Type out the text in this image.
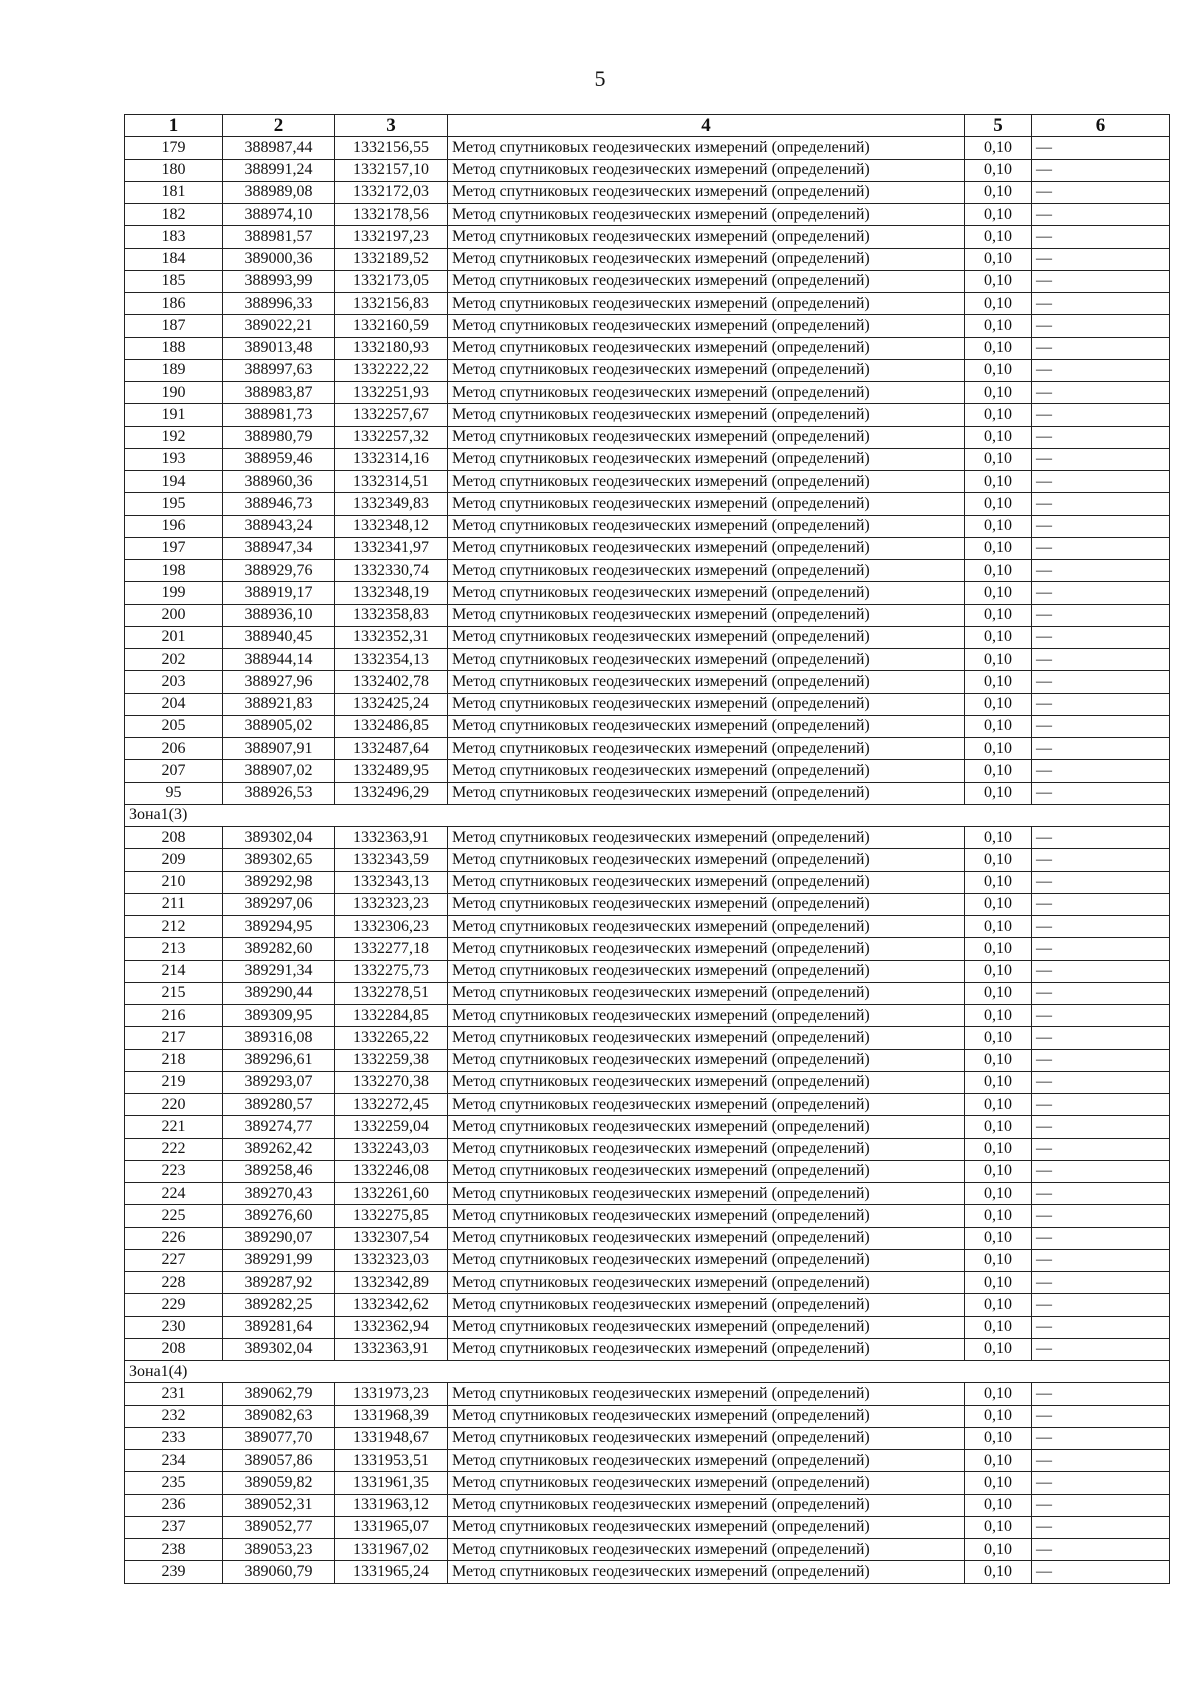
5
1	2	3	4	5	6
179	388987,44	1332156,55	Метод спутниковых геодезических измерений (определений)	0,10	—
180	388991,24	1332157,10	Метод спутниковых геодезических измерений (определений)	0,10	—
181	388989,08	1332172,03	Метод спутниковых геодезических измерений (определений)	0,10	—
182	388974,10	1332178,56	Метод спутниковых геодезических измерений (определений)	0,10	—
183	388981,57	1332197,23	Метод спутниковых геодезических измерений (определений)	0,10	—
184	389000,36	1332189,52	Метод спутниковых геодезических измерений (определений)	0,10	—
185	388993,99	1332173,05	Метод спутниковых геодезических измерений (определений)	0,10	—
186	388996,33	1332156,83	Метод спутниковых геодезических измерений (определений)	0,10	—
187	389022,21	1332160,59	Метод спутниковых геодезических измерений (определений)	0,10	—
188	389013,48	1332180,93	Метод спутниковых геодезических измерений (определений)	0,10	—
189	388997,63	1332222,22	Метод спутниковых геодезических измерений (определений)	0,10	—
190	388983,87	1332251,93	Метод спутниковых геодезических измерений (определений)	0,10	—
191	388981,73	1332257,67	Метод спутниковых геодезических измерений (определений)	0,10	—
192	388980,79	1332257,32	Метод спутниковых геодезических измерений (определений)	0,10	—
193	388959,46	1332314,16	Метод спутниковых геодезических измерений (определений)	0,10	—
194	388960,36	1332314,51	Метод спутниковых геодезических измерений (определений)	0,10	—
195	388946,73	1332349,83	Метод спутниковых геодезических измерений (определений)	0,10	—
196	388943,24	1332348,12	Метод спутниковых геодезических измерений (определений)	0,10	—
197	388947,34	1332341,97	Метод спутниковых геодезических измерений (определений)	0,10	—
198	388929,76	1332330,74	Метод спутниковых геодезических измерений (определений)	0,10	—
199	388919,17	1332348,19	Метод спутниковых геодезических измерений (определений)	0,10	—
200	388936,10	1332358,83	Метод спутниковых геодезических измерений (определений)	0,10	—
201	388940,45	1332352,31	Метод спутниковых геодезических измерений (определений)	0,10	—
202	388944,14	1332354,13	Метод спутниковых геодезических измерений (определений)	0,10	—
203	388927,96	1332402,78	Метод спутниковых геодезических измерений (определений)	0,10	—
204	388921,83	1332425,24	Метод спутниковых геодезических измерений (определений)	0,10	—
205	388905,02	1332486,85	Метод спутниковых геодезических измерений (определений)	0,10	—
206	388907,91	1332487,64	Метод спутниковых геодезических измерений (определений)	0,10	—
207	388907,02	1332489,95	Метод спутниковых геодезических измерений (определений)	0,10	—
95	388926,53	1332496,29	Метод спутниковых геодезических измерений (определений)	0,10	—
Зона1(3)					
208	389302,04	1332363,91	Метод спутниковых геодезических измерений (определений)	0,10	—
209	389302,65	1332343,59	Метод спутниковых геодезических измерений (определений)	0,10	—
210	389292,98	1332343,13	Метод спутниковых геодезических измерений (определений)	0,10	—
211	389297,06	1332323,23	Метод спутниковых геодезических измерений (определений)	0,10	—
212	389294,95	1332306,23	Метод спутниковых геодезических измерений (определений)	0,10	—
213	389282,60	1332277,18	Метод спутниковых геодезических измерений (определений)	0,10	—
214	389291,34	1332275,73	Метод спутниковых геодезических измерений (определений)	0,10	—
215	389290,44	1332278,51	Метод спутниковых геодезических измерений (определений)	0,10	—
216	389309,95	1332284,85	Метод спутниковых геодезических измерений (определений)	0,10	—
217	389316,08	1332265,22	Метод спутниковых геодезических измерений (определений)	0,10	—
218	389296,61	1332259,38	Метод спутниковых геодезических измерений (определений)	0,10	—
219	389293,07	1332270,38	Метод спутниковых геодезических измерений (определений)	0,10	—
220	389280,57	1332272,45	Метод спутниковых геодезических измерений (определений)	0,10	—
221	389274,77	1332259,04	Метод спутниковых геодезических измерений (определений)	0,10	—
222	389262,42	1332243,03	Метод спутниковых геодезических измерений (определений)	0,10	—
223	389258,46	1332246,08	Метод спутниковых геодезических измерений (определений)	0,10	—
224	389270,43	1332261,60	Метод спутниковых геодезических измерений (определений)	0,10	—
225	389276,60	1332275,85	Метод спутниковых геодезических измерений (определений)	0,10	—
226	389290,07	1332307,54	Метод спутниковых геодезических измерений (определений)	0,10	—
227	389291,99	1332323,03	Метод спутниковых геодезических измерений (определений)	0,10	—
228	389287,92	1332342,89	Метод спутниковых геодезических измерений (определений)	0,10	—
229	389282,25	1332342,62	Метод спутниковых геодезических измерений (определений)	0,10	—
230	389281,64	1332362,94	Метод спутниковых геодезических измерений (определений)	0,10	—
208	389302,04	1332363,91	Метод спутниковых геодезических измерений (определений)	0,10	—
Зона1(4)					
231	389062,79	1331973,23	Метод спутниковых геодезических измерений (определений)	0,10	—
232	389082,63	1331968,39	Метод спутниковых геодезических измерений (определений)	0,10	—
233	389077,70	1331948,67	Метод спутниковых геодезических измерений (определений)	0,10	—
234	389057,86	1331953,51	Метод спутниковых геодезических измерений (определений)	0,10	—
235	389059,82	1331961,35	Метод спутниковых геодезических измерений (определений)	0,10	—
236	389052,31	1331963,12	Метод спутниковых геодезических измерений (определений)	0,10	—
237	389052,77	1331965,07	Метод спутниковых геодезических измерений (определений)	0,10	—
238	389053,23	1331967,02	Метод спутниковых геодезических измерений (определений)	0,10	—
239	389060,79	1331965,24	Метод спутниковых геодезических измерений (определений)	0,10	—
